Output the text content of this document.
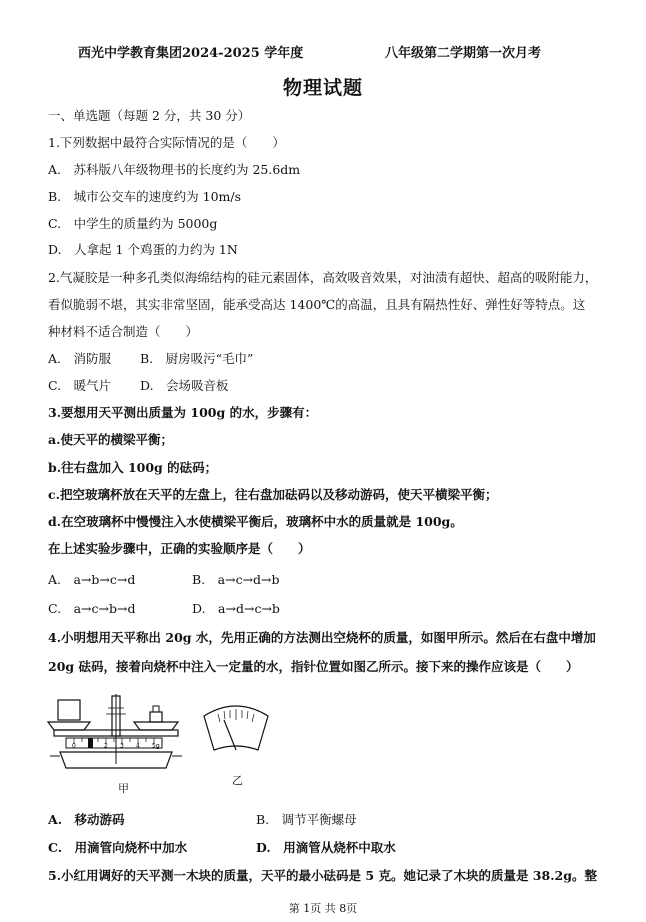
西光中学教育集团2024-2025 学年度	八年级第二学期第一次月考
物理试题
一、单选题（每题 2 分，共 30 分）
1.下列数据中最符合实际情况的是（　　）
A.　苏科版八年级物理书的长度约为 25.6dm
B.　城市公交车的速度约为 10m/s
C.　中学生的质量约为 5000g
D.　人拿起 1 个鸡蛋的力约为 1N
2.气凝胶是一种多孔类似海绵结构的硅元素固体，高效吸音效果，对油渍有超快、超高的吸附能力，
看似脆弱不堪，其实非常坚固，能承受高达 1400℃的高温，且具有隔热性好、弹性好等特点。这
种材料不适合制造（　　）
A.　消防服 B.　厨房吸污“毛巾”
C.　暖气片 D.　会场吸音板
3.要想用天平测出质量为 100g 的水，步骤有：
a.使天平的横梁平衡；
b.往右盘加入 100g 的砝码；
c.把空玻璃杯放在天平的左盘上，往右盘加砝码以及移动游码，使天平横梁平衡；
d.在空玻璃杯中慢慢注入水使横梁平衡后，玻璃杯中水的质量就是 100g。
在上述实验步骤中，正确的实验顺序是（　　）
A.　a→b→c→d	B.　a→c→d→b
C.　a→c→b→d	D.　a→d→c→b
4.小明想用天平称出 20g 水，先用正确的方法测出空烧杯的质量，如图甲所示。然后在右盘中增加
20g 砝码，接着向烧杯中注入一定量的水，指针位置如图乙所示。接下来的操作应该是（　　）
0 1 2 3 4 5g
甲
乙
A.　移动游码	B.　调节平衡螺母
C.　用滴管向烧杯中加水	D.　用滴管从烧杯中取水
5.小红用调好的天平测一木块的质量，天平的最小砝码是 5 克。她记录了木块的质量是 38.2g。整
第 1页 共 8页
